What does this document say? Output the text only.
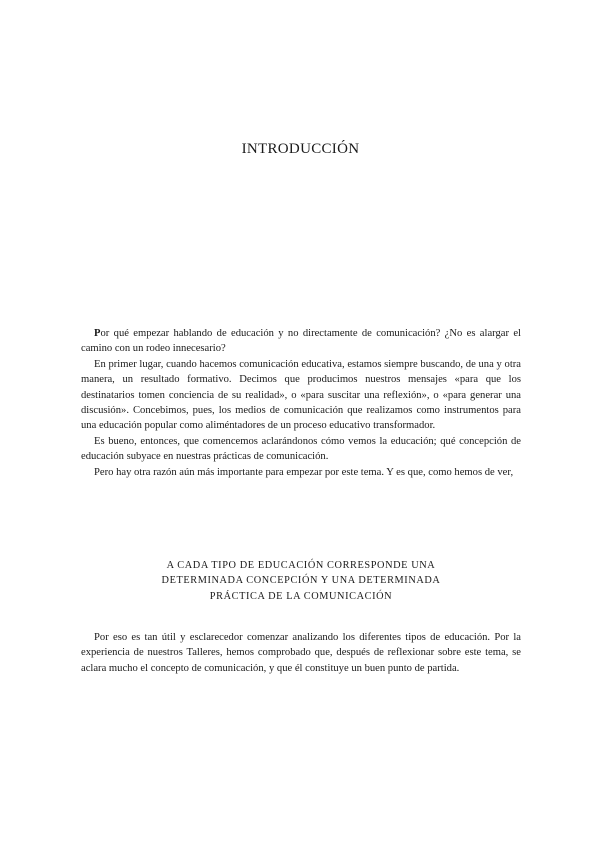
INTRODUCCIÓN

Por qué empezar hablando de educación y no directamente de comunicación? ¿No es alargar el camino con un rodeo innecesario?

En primer lugar, cuando hacemos comunicación educativa, estamos siempre buscando, de una y otra manera, un resultado formativo. Decimos que producimos nuestros mensajes «para que los destinatarios tomen conciencia de su realidad», o «para suscitar una reflexión», o «para generar una discusión». Concebimos, pues, los medios de comunicación que realizamos como instrumentos para una educación popular como aliméntadores de un proceso educativo transformador.

Es bueno, entonces, que comencemos aclarándonos cómo vemos la educación; qué concepción de educación subyace en nuestras prácticas de comunicación.

Pero hay otra razón aún más importante para empezar por este tema. Y es que, como hemos de ver,

A CADA TIPO DE EDUCACIÓN CORRESPONDE UNA
DETERMINADA CONCEPCIÓN Y UNA DETERMINADA
PRÁCTICA DE LA COMUNICACIÓN

Por eso es tan útil y esclarecedor comenzar analizando los diferentes tipos de educación. Por la experiencia de nuestros Talleres, hemos comprobado que, después de reflexionar sobre este tema, se aclara mucho el concepto de comunicación, y que él constituye un buen punto de partida.
